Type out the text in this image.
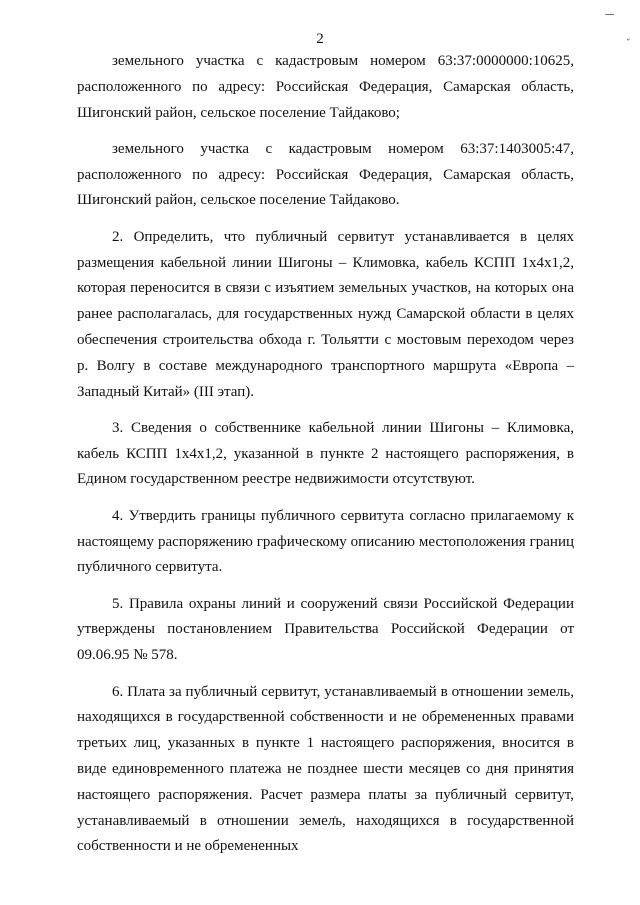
ˇ
2

земельного участка с кадастровым номером 63:37:0000000:10625, расположенного по адресу: Российская Федерация, Самарская область, Шигонский район, сельское поселение Тайдаково;

земельного участка с кадастровым номером 63:37:1403005:47, расположенного по адресу: Российская Федерация, Самарская область, Шигонский район, сельское поселение Тайдаково.

2. Определить, что публичный сервитут устанавливается в целях размещения кабельной линии Шигоны – Климовка, кабель КСПП 1х4х1,2, которая переносится в связи с изъятием земельных участков, на которых она ранее располагалась, для государственных нужд Самарской области в целях обеспечения строительства обхода г. Тольятти с мостовым переходом через р. Волгу в составе международного транспортного маршрута «Европа – Западный Китай» (III этап).

3. Сведения о собственнике кабельной линии Шигоны – Климовка, кабель КСПП 1х4х1,2, указанной в пункте 2 настоящего распоряжения, в Едином государственном реестре недвижимости отсутствуют.

4. Утвердить границы публичного сервитута согласно прилагаемому к настоящему распоряжению графическому описанию местоположения границ публичного сервитута.

5. Правила охраны линий и сооружений связи Российской Федерации утверждены постановлением Правительства Российской Федерации от 09.06.95 № 578.

6. Плата за публичный сервитут, устанавливаемый в отношении земель, находящихся в государственной собственности и не обремененных правами третьих лиц, указанных в пункте 1 настоящего распоряжения, вносится в виде единовременного платежа не позднее шести месяцев со дня принятия настоящего распоряжения. Расчет размера платы за публичный сервитут, устанавливаемый в отношении земель, находящихся в государственной собственности и не обремененных
